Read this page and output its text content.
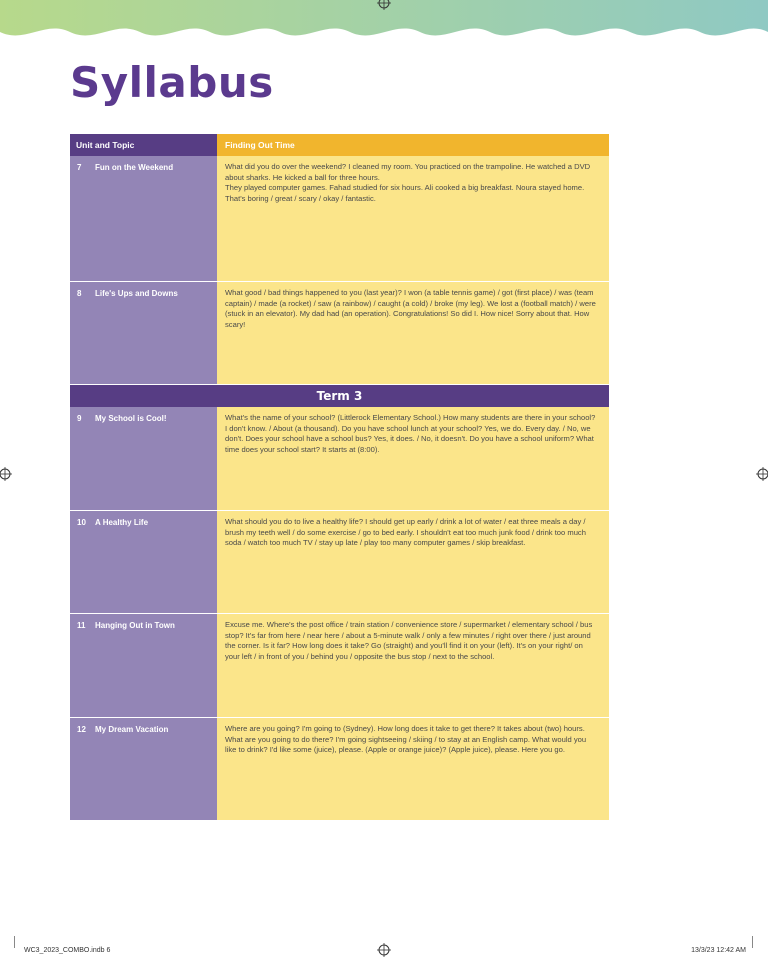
Syllabus
Unit and Topic	Finding Out Time
7	Fun on the Weekend	What did you do over the weekend? I cleaned my room. You practiced on the trampoline. He watched a DVD about sharks. He kicked a ball for three hours.

They played computer games. Fahad studied for six hours. Ali cooked a big breakfast. Noura stayed home.

That's boring / great / scary / okay / fantastic.

8	Life's Ups and Downs	What good / bad things happened to you (last year)? I won (a table tennis game) / got (first place) / was (team captain) / made (a rocket) / saw (a rainbow) / caught (a cold) / broke (my leg). We lost a (football match) / were (stuck in an elevator). My dad had (an operation). Congratulations! So did I. How nice! Sorry about that. How scary!

Term 3
9	My School is Cool!	What's the name of your school? (Littlerock Elementary School.) How many students are there in your school? I don't know. / About (a thousand). Do you have school lunch at your school? Yes, we do. Every day. / No, we don't. Does your school have a school bus? Yes, it does. / No, it doesn't. Do you have a school uniform? What time does your school start? It starts at (8:00).

10	A Healthy Life	What should you do to live a healthy life? I should get up early / drink a lot of water / eat three meals a day / brush my teeth well / do some exercise / go to bed early. I shouldn't eat too much junk food / drink too much soda / watch too much TV / stay up late / play too many computer games / skip breakfast.

11	Hanging Out in Town	Excuse me. Where's the post office / train station / convenience store / supermarket / elementary school / bus stop? It's far from here / near here / about a 5-minute walk / only a few minutes / right over there / just around the corner. Is it far? How long does it take? Go (straight) and you'll find it on your (left). It's on your right/ on your left / in front of you / behind you / opposite the bus stop / next to the school.

12	My Dream Vacation	Where are you going? I'm going to (Sydney). How long does it take to get there? It takes about (two) hours. What are you going to do there? I'm going sightseeing / skiing / to stay at an English camp. What would you like to drink? I'd like some (juice), please. (Apple or orange juice)? (Apple juice), please. Here you go.

WC3_2023_COMBO.indb 6	13/3/23 12:42 AM
